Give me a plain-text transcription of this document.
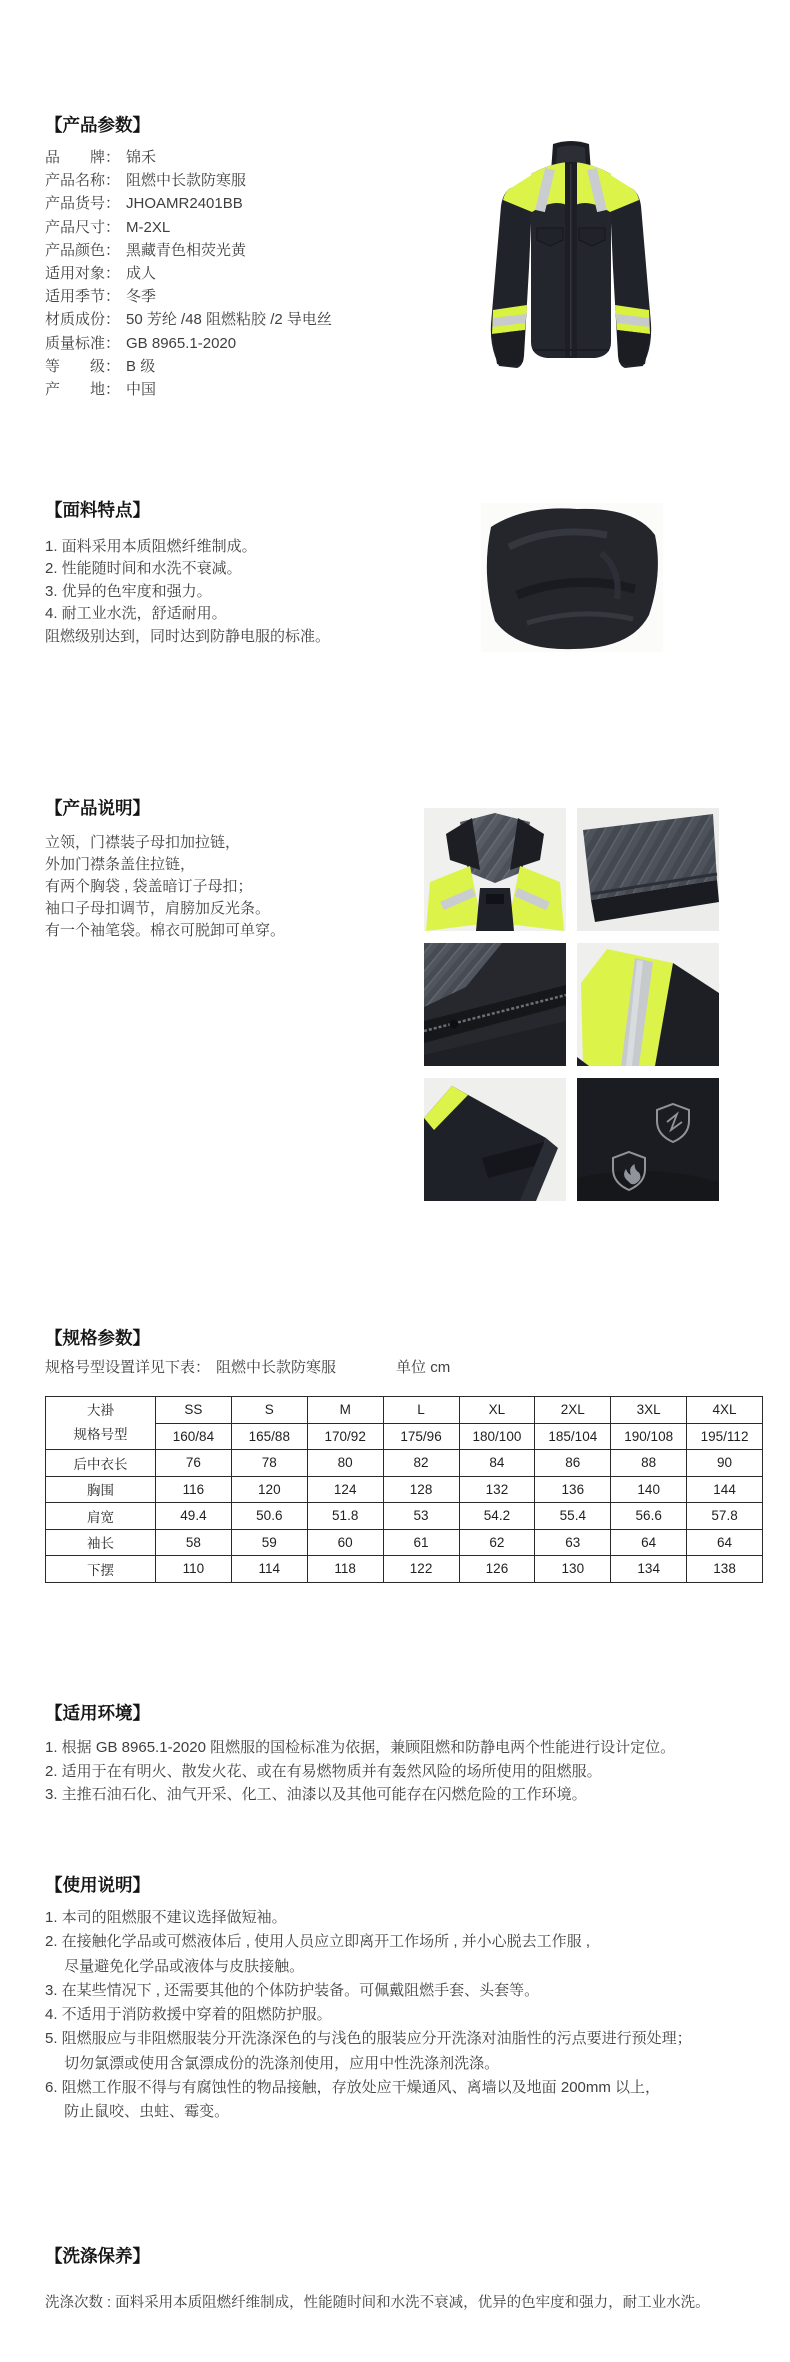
【产品参数】
品　　牌： 锦禾
产品名称： 阻燃中长款防寒服
产品货号： JHOAMR2401BB
产品尺寸： M-2XL
产品颜色： 黑藏青色相荧光黄
适用对象： 成人
适用季节： 冬季
材质成份： 50 芳纶 /48 阻燃粘胶 /2 导电丝
质量标准： GB 8965.1-2020
等　　级： B 级
产　　地： 中国
【面料特点】
1. 面料采用本质阻燃纤维制成。
2. 性能随时间和水洗不衰减。
3. 优异的色牢度和强力。
4. 耐工业水洗，舒适耐用。
阻燃级别达到，同时达到防静电服的标准。
【产品说明】
立领，门襟装子母扣加拉链，
外加门襟条盖住拉链，
有两个胸袋 , 袋盖暗订子母扣；
袖口子母扣调节，肩膀加反光条。
有一个袖笔袋。棉衣可脱卸可单穿。
【规格参数】
规格号型设置详见下表： 阻燃中长款防寒服	单位 cm
大褂
规格号型	SS	S	M	L	XL	2XL	3XL	4XL
	160/84	165/88	170/92	175/96	180/100	185/104	190/108	195/112
后中衣长	76	78	80	82	84	86	88	90
胸围	116	120	124	128	132	136	140	144
肩宽	49.4	50.6	51.8	53	54.2	55.4	56.6	57.8
袖长	58	59	60	61	62	63	64	64
下摆	110	114	118	122	126	130	134	138
【适用环境】
1. 根据 GB 8965.1-2020 阻燃服的国检标准为依据，兼顾阻燃和防静电两个性能进行设计定位。
2. 适用于在有明火、散发火花、或在有易燃物质并有轰然风险的场所使用的阻燃服。
3. 主推石油石化、油气开采、化工、油漆以及其他可能存在闪燃危险的工作环境。
【使用说明】
1. 本司的阻燃服不建议选择做短袖。
2. 在接触化学品或可燃液体后 , 使用人员应立即离开工作场所 , 并小心脱去工作服 ,
　 尽量避免化学品或液体与皮肤接触。
3. 在某些情况下 , 还需要其他的个体防护装备。可佩戴阻燃手套、头套等。
4. 不适用于消防救援中穿着的阻燃防护服。
5. 阻燃服应与非阻燃服装分开洗涤深色的与浅色的服装应分开洗涤对油脂性的污点要进行预处理；
　 切勿氯漂或使用含氯漂成份的洗涤剂使用，应用中性洗涤剂洗涤。
6. 阻燃工作服不得与有腐蚀性的物品接触，存放处应干燥通风、离墙以及地面 200mm 以上，
　 防止鼠咬、虫蛀、霉变。
【洗涤保养】
洗涤次数 : 面料采用本质阻燃纤维制成，性能随时间和水洗不衰减，优异的色牢度和强力，耐工业水洗。
